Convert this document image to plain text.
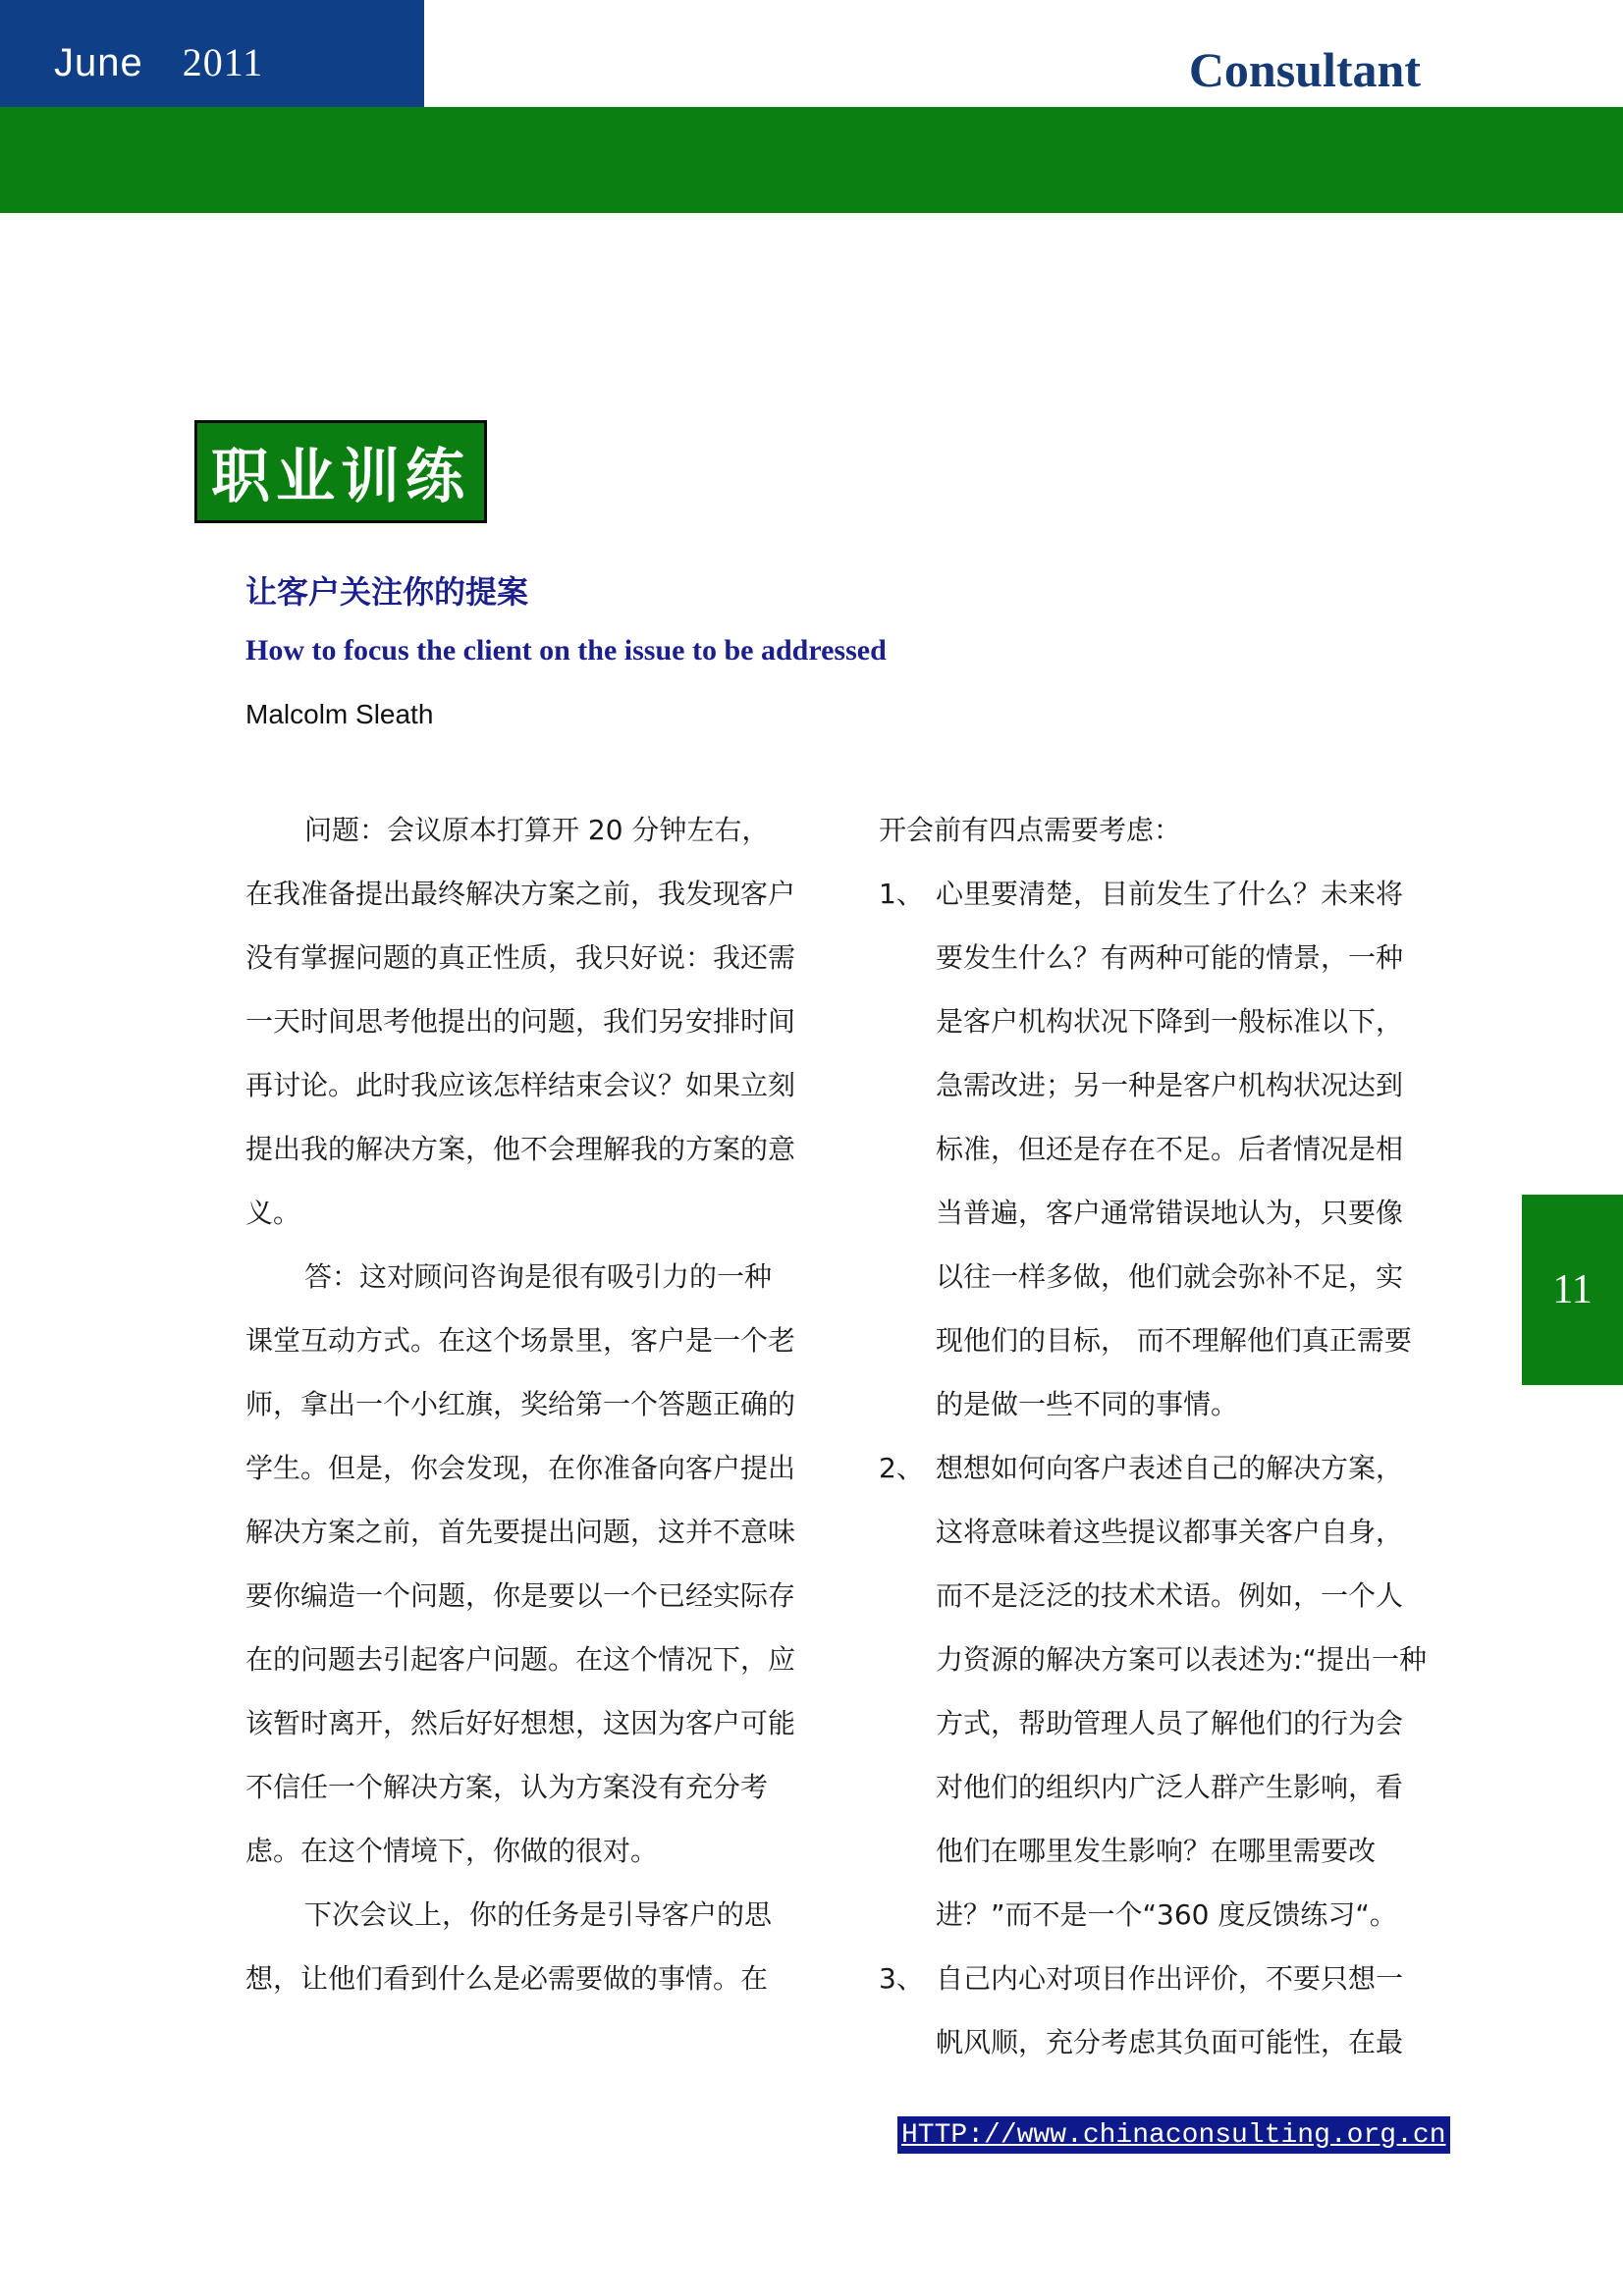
June 2011	Consultant
职业训练
让客户关注你的提案
How to focus the client on the issue to be addressed
Malcolm Sleath

问题：会议原本打算开 20 分钟左右，在我准备提出最终解决方案之前，我发现客户没有掌握问题的真正性质，我只好说：我还需一天时间思考他提出的问题，我们另安排时间再讨论。此时我应该怎样结束会议？如果立刻提出我的解决方案，他不会理解我的方案的意义。

答：这对顾问咨询是很有吸引力的一种课堂互动方式。在这个场景里，客户是一个老师，拿出一个小红旗，奖给第一个答题正确的学生。但是，你会发现，在你准备向客户提出解决方案之前，首先要提出问题，这并不意味要你编造一个问题，你是要以一个已经实际存在的问题去引起客户问题。在这个情况下，应该暂时离开，然后好好想想，这因为客户可能不信任一个解决方案，认为方案没有充分考虑。在这个情境下，你做的很对。

下次会议上，你的任务是引导客户的思想，让他们看到什么是必需要做的事情。在

开会前有四点需要考虑：

1、 心里要清楚，目前发生了什么？未来将要发生什么？有两种可能的情景，一种是客户机构状况下降到一般标准以下，急需改进；另一种是客户机构状况达到标准，但还是存在不足。后者情况是相当普遍，客户通常错误地认为，只要像以往一样多做，他们就会弥补不足，实现他们的目标， 而不理解他们真正需要的是做一些不同的事情。

2、 想想如何向客户表述自己的解决方案，这将意味着这些提议都事关客户自身，而不是泛泛的技术术语。例如，一个人力资源的解决方案可以表述为:“提出一种方式，帮助管理人员了解他们的行为会对他们的组织内广泛人群产生影响，看他们在哪里发生影响？在哪里需要改进？”而不是一个“360 度反馈练习“。

3、 自己内心对项目作出评价，不要只想一帆风顺，充分考虑其负面可能性，在最

11
HTTP://www.chinaconsulting.org.cn
